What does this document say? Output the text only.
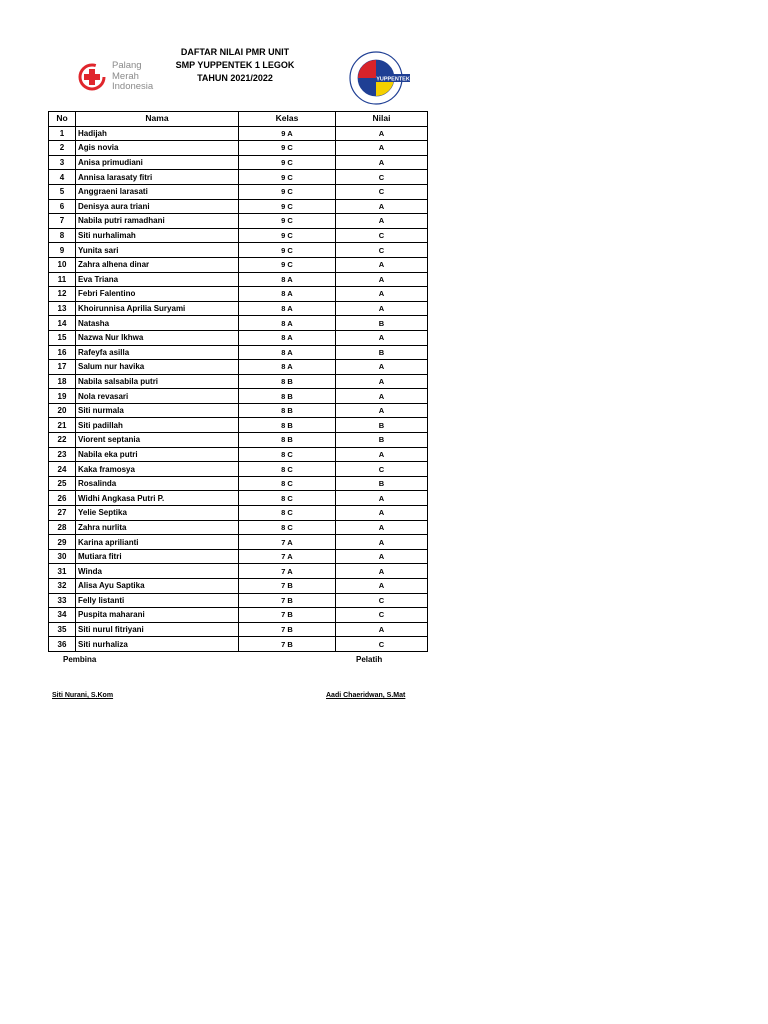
Palang
Merah
Indonesia
DAFTAR NILAI PMR UNIT
SMP YUPPENTEK 1 LEGOK
TAHUN 2021/2022	YUPPENTEK
No	Nama	Kelas	Nilai
1	Hadijah	9 A	A
2	Agis novia	9 C	A
3	Anisa primudiani	9 C	A
4	Annisa larasaty fitri	9 C	C
5	Anggraeni larasati	9 C	C
6	Denisya aura triani	9 C	A
7	Nabila putri ramadhani	9 C	A
8	Siti nurhalimah	9 C	C
9	Yunita sari	9 C	C
10	Zahra alhena dinar	9 C	A
11	Eva Triana	8 A	A
12	Febri Falentino	8 A	A
13	Khoirunnisa Aprilia Suryami	8 A	A
14	Natasha	8 A	B
15	Nazwa Nur Ikhwa	8 A	A
16	Rafeyfa asilla	8 A	B
17	Salum nur havika	8 A	A
18	Nabila salsabila putri	8 B	A
19	Nola revasari	8 B	A
20	Siti nurmala	8 B	A
21	Siti padillah	8 B	B
22	Viorent septania	8 B	B
23	Nabila eka putri	8 C	A
24	Kaka framosya	8 C	C
25	Rosalinda	8 C	B
26	Widhi Angkasa Putri P.	8 C	A
27	Yelie Septika	8 C	A
28	Zahra nurlita	8 C	A
29	Karina aprilianti	7 A	A
30	Mutiara fitri	7 A	A
31	Winda	7 A	A
32	Alisa Ayu Saptika	7 B	A
33	Felly listanti	7 B	C
34	Puspita maharani	7 B	C
35	Siti nurul fitriyani	7 B	A
36	Siti nurhaliza	7 B	C
Pembina	Pelatih
Siti Nurani, S.Kom	Aadi Chaeridwan, S.Mat
